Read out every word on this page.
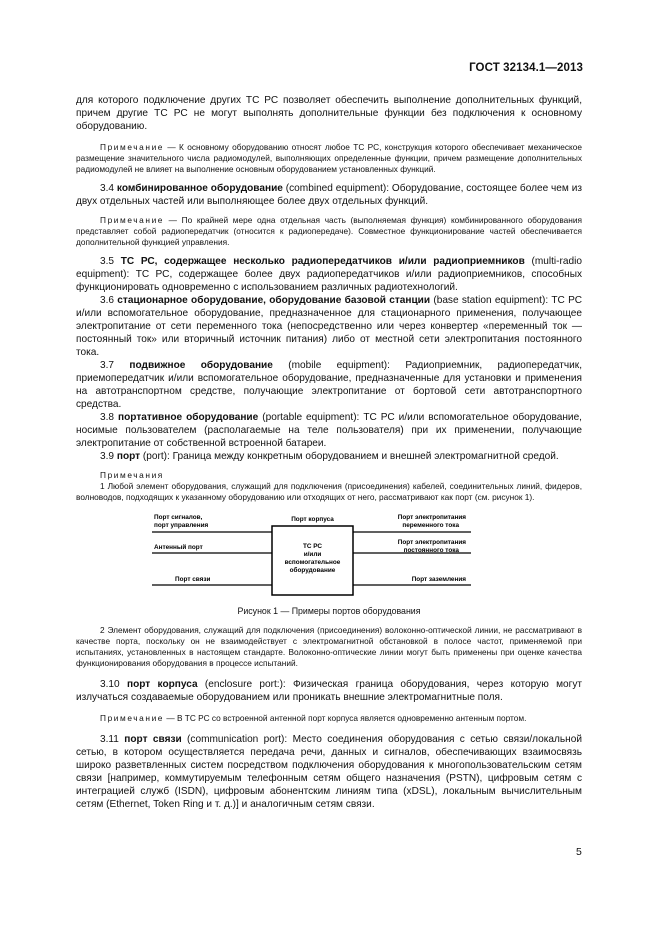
ГОСТ 32134.1—2013

для которого подключение других ТС РС позволяет обеспечить выполнение дополнительных функций, причем другие ТС РС не могут выполнять дополнительные функции без подключения к основному оборудованию.

Примечание — К основному оборудованию относят любое ТС РС, конструкция которого обеспечивает механическое размещение значительного числа радиомодулей, выполняющих определенные функции, причем размещение дополнительных радиомодулей не влияет на выполнение основным оборудованием установленных функций.

3.4 комбинированное оборудование (combined equipment): Оборудование, состоящее более чем из двух отдельных частей или выполняющее более двух отдельных функций.

Примечание — По крайней мере одна отдельная часть (выполняемая функция) комбинированного оборудования представляет собой радиопередатчик (относится к радиопередаче). Совместное функционирование частей обеспечивается дополнительной функцией управления.

3.5 ТС РС, содержащее несколько радиопередатчиков и/или радиоприемников (multi-radio equipment): ТС РС, содержащее более двух радиопередатчиков и/или радиоприемников, способных функционировать одновременно с использованием различных радиотехнологий.

3.6 стационарное оборудование, оборудование базовой станции (base station equipment): ТС РС и/или вспомогательное оборудование, предназначенное для стационарного применения, получающее электропитание от сети переменного тока (непосредственно или через конвертер «переменный ток — постоянный ток» или вторичный источник питания) либо от местной сети электропитания постоянного тока.

3.7 подвижное оборудование (mobile equipment): Радиоприемник, радиопередатчик, приемопередатчик и/или вспомогательное оборудование, предназначенные для установки и применения на автотранспортном средстве, получающие электропитание от бортовой сети автотранспортного средства.

3.8 портативное оборудование (portable equipment): ТС РС и/или вспомогательное оборудование, носимые пользователем (располагаемые на теле пользователя) при их применении, получающие электропитание от собственной встроенной батареи.

3.9 порт (port): Граница между конкретным оборудованием и внешней электромагнитной средой.

Примечания

1 Любой элемент оборудования, служащий для подключения (присоединения) кабелей, соединительных линий, фидеров, волноводов, подходящих к указанному оборудованию или отходящих от него, рассматривают как порт (см. рисунок 1).

Порт сигналов,
порт управления
Антенный порт
Порт связи
Порт корпуса
ТС РС
и/или
вспомогательное
оборудование
Порт электропитания
переменного тока
Порт электропитания
постоянного тока
Порт заземления
Рисунок 1 — Примеры портов оборудования

2 Элемент оборудования, служащий для подключения (присоединения) волоконно-оптической линии, не рассматривают в качестве порта, поскольку он не взаимодействует с электромагнитной обстановкой в полосе частот, применяемой при испытаниях, установленных в настоящем стандарте. Волоконно-оптические линии могут быть применены при оценке качества функционирования оборудования в процессе испытаний.

3.10 порт корпуса (enclosure port:): Физическая граница оборудования, через которую могут излучаться создаваемые оборудованием или проникать внешние электромагнитные поля.

Примечание — В ТС РС со встроенной антенной порт корпуса является одновременно антенным портом.

3.11 порт связи (communication port): Место соединения оборудования с сетью связи/локальной сетью, в котором осуществляется передача речи, данных и сигналов, обеспечивающих взаимосвязь широко разветвленных систем посредством подключения оборудования к многопользовательским сетям связи [например, коммутируемым телефонным сетям общего назначения (PSTN), цифровым сетям с интеграцией служб (ISDN), цифровым абонентским линиям типа (xDSL), локальным вычислительным сетям (Ethernet, Token Ring и т. д.)] и аналогичным сетям связи.

5
